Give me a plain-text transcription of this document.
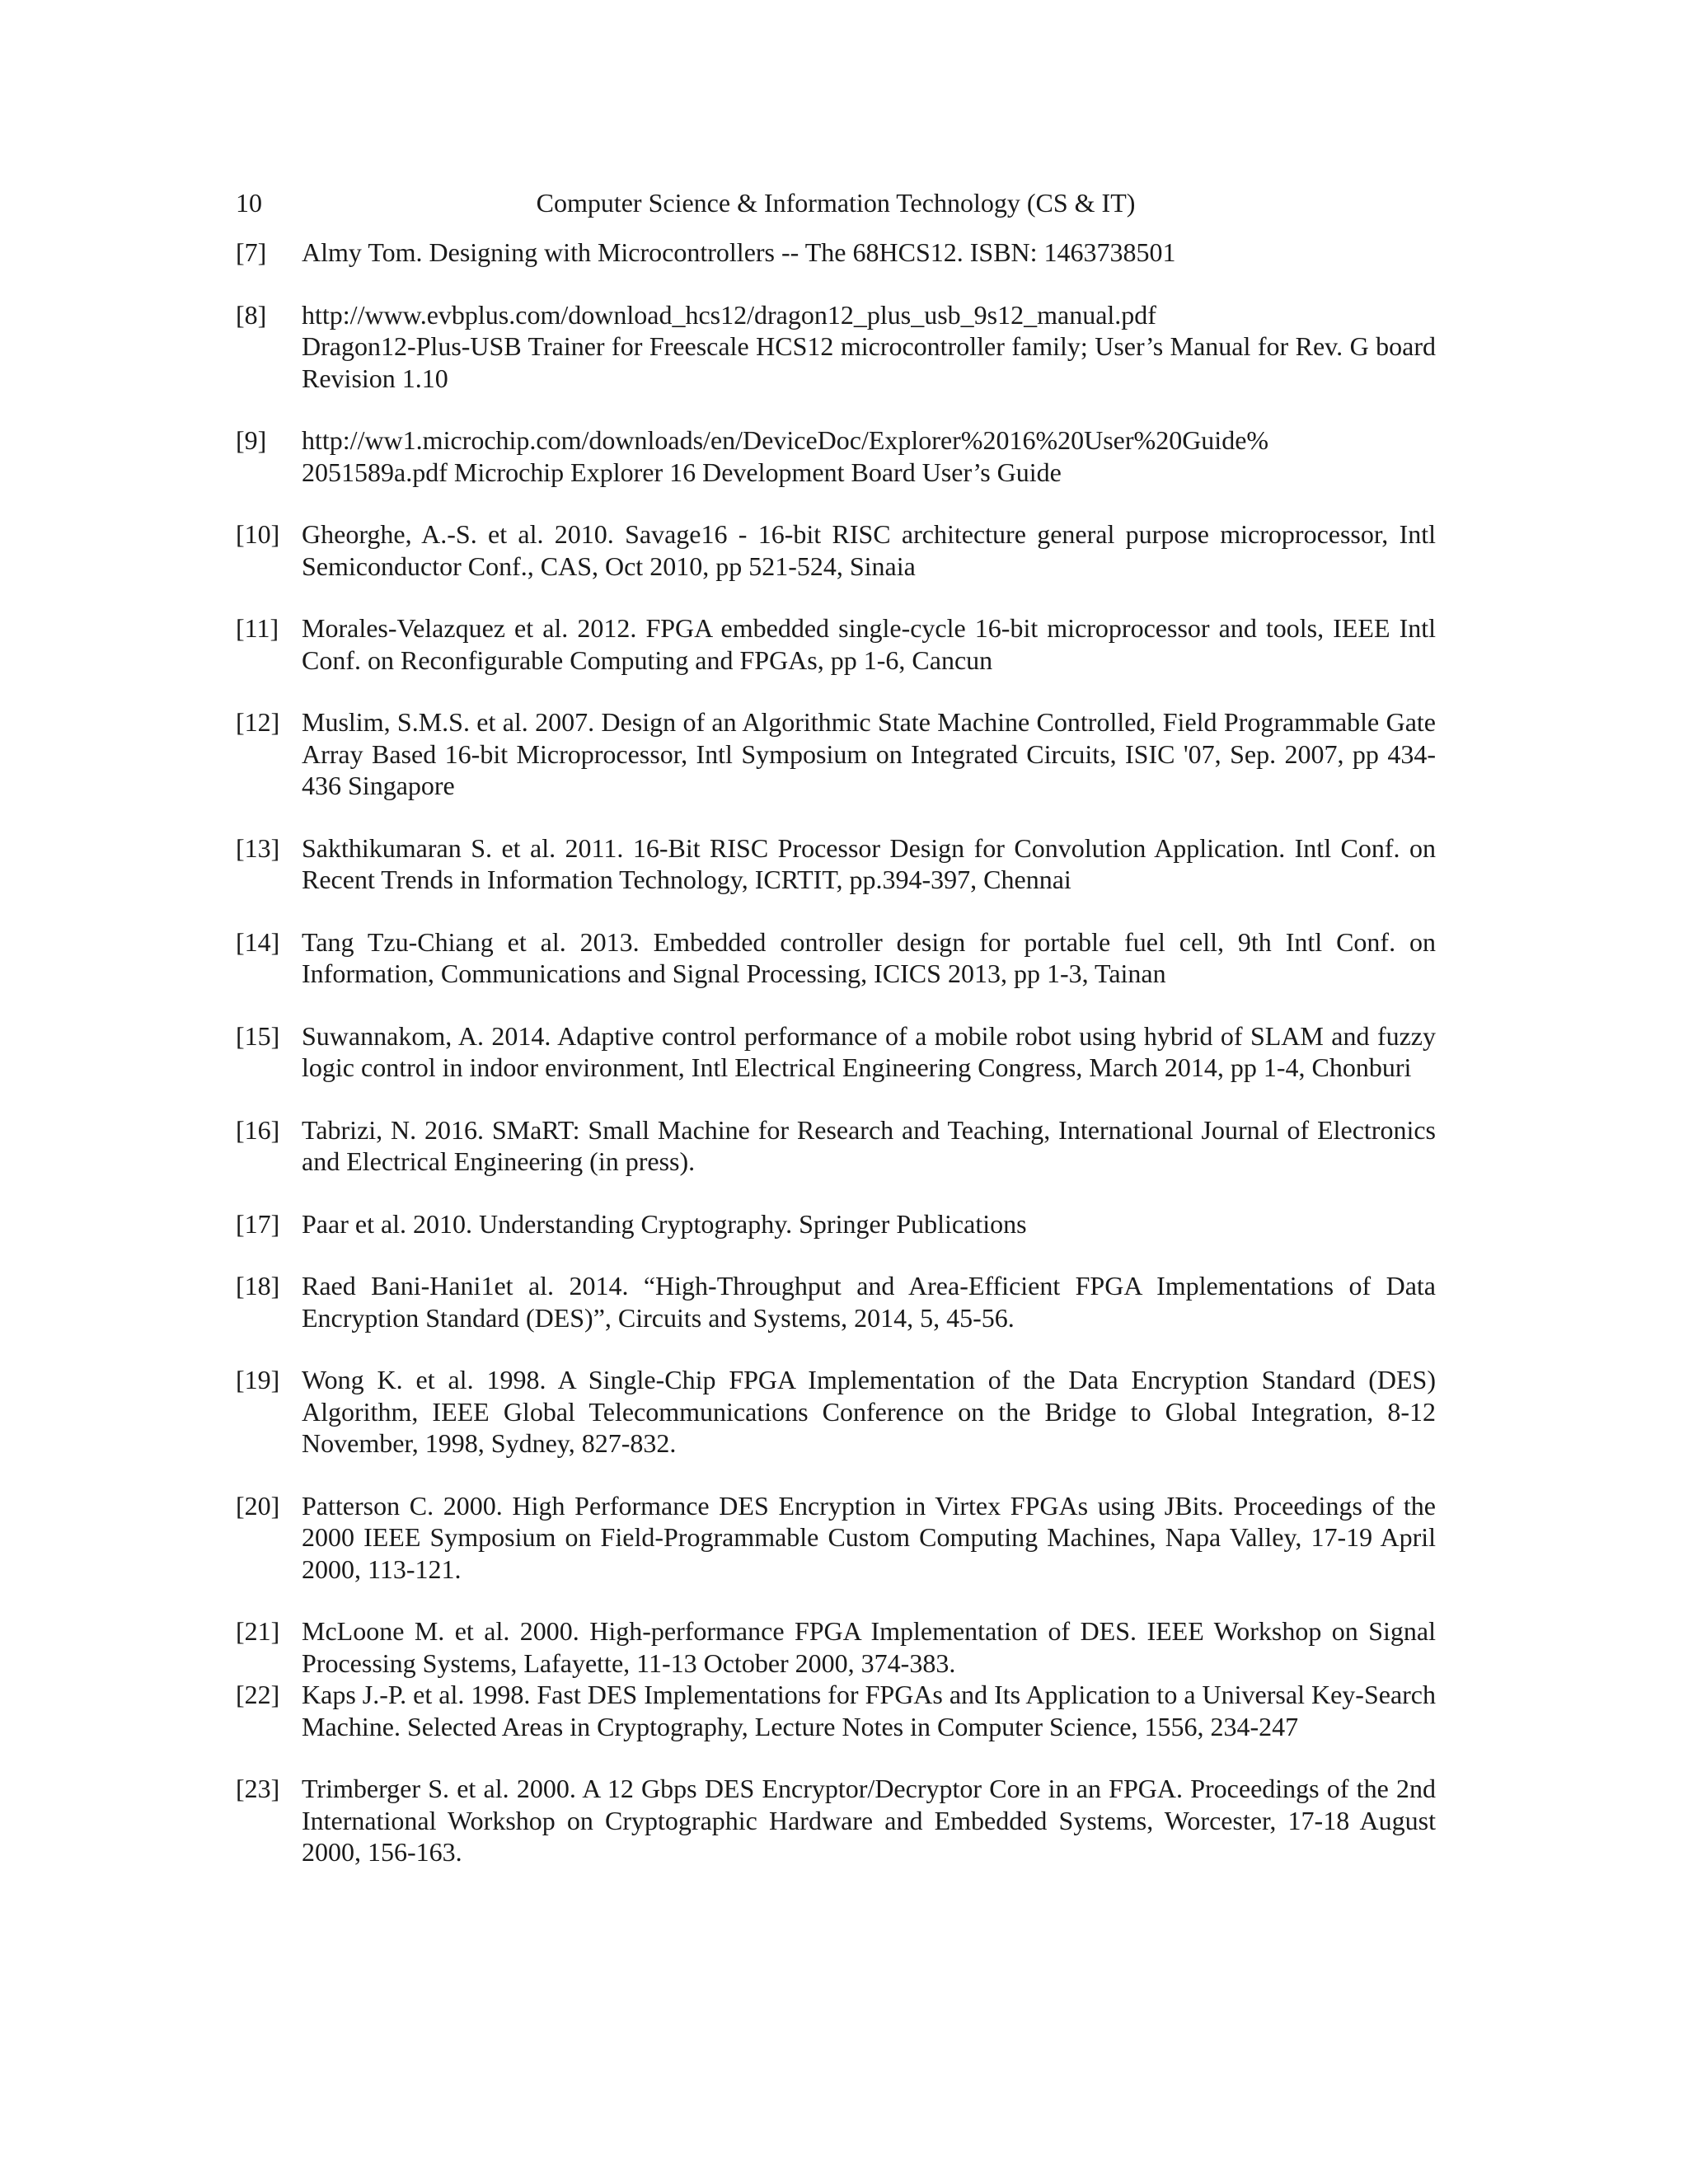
10	Computer Science & Information Technology (CS & IT)
[7] Almy Tom. Designing with Microcontrollers -- The 68HCS12. ISBN: 1463738501
[8] http://www.evbplus.com/download_hcs12/dragon12_plus_usb_9s12_manual.pdf
Dragon12-Plus-USB Trainer for Freescale HCS12 microcontroller family; User’s Manual for Rev. G board Revision 1.10
[9] http://ww1.microchip.com/downloads/en/DeviceDoc/Explorer%2016%20User%20Guide%
2051589a.pdf Microchip Explorer 16 Development Board User’s Guide
[10] Gheorghe, A.-S. et al. 2010. Savage16 - 16-bit RISC architecture general purpose microprocessor, Intl Semiconductor Conf., CAS, Oct 2010, pp 521-524, Sinaia
[11] Morales-Velazquez et al. 2012. FPGA embedded single-cycle 16-bit microprocessor and tools, IEEE Intl Conf. on Reconfigurable Computing and FPGAs, pp 1-6, Cancun
[12] Muslim, S.M.S. et al. 2007. Design of an Algorithmic State Machine Controlled, Field Programmable Gate Array Based 16-bit Microprocessor, Intl Symposium on Integrated Circuits, ISIC '07, Sep. 2007, pp 434-436 Singapore
[13] Sakthikumaran S. et al. 2011. 16-Bit RISC Processor Design for Convolution Application. Intl Conf. on Recent Trends in Information Technology, ICRTIT, pp.394-397, Chennai
[14] Tang Tzu-Chiang et al. 2013. Embedded controller design for portable fuel cell, 9th Intl Conf. on Information, Communications and Signal Processing, ICICS 2013, pp 1-3, Tainan
[15] Suwannakom, A. 2014. Adaptive control performance of a mobile robot using hybrid of SLAM and fuzzy logic control in indoor environment, Intl Electrical Engineering Congress, March 2014, pp 1-4, Chonburi
[16] Tabrizi, N. 2016. SMaRT: Small Machine for Research and Teaching, International Journal of Electronics and Electrical Engineering (in press).
[17] Paar et al. 2010. Understanding Cryptography. Springer Publications
[18] Raed Bani-Hani1et al. 2014. “High-Throughput and Area-Efficient FPGA Implementations of Data Encryption Standard (DES)”, Circuits and Systems, 2014, 5, 45-56.
[19] Wong K. et al. 1998. A Single-Chip FPGA Implementation of the Data Encryption Standard (DES) Algorithm, IEEE Global Telecommunications Conference on the Bridge to Global Integration, 8-12 November, 1998, Sydney, 827-832.
[20] Patterson C. 2000. High Performance DES Encryption in Virtex FPGAs using JBits. Proceedings of the 2000 IEEE Symposium on Field-Programmable Custom Computing Machines, Napa Valley, 17-19 April 2000, 113-121.
[21] McLoone M. et al. 2000. High-performance FPGA Implementation of DES. IEEE Workshop on Signal Processing Systems, Lafayette, 11-13 October 2000, 374-383.
[22] Kaps J.-P. et al. 1998. Fast DES Implementations for FPGAs and Its Application to a Universal Key-Search Machine. Selected Areas in Cryptography, Lecture Notes in Computer Science, 1556, 234-247
[23] Trimberger S. et al. 2000. A 12 Gbps DES Encryptor/Decryptor Core in an FPGA. Proceedings of the 2nd International Workshop on Cryptographic Hardware and Embedded Systems, Worcester, 17-18 August 2000, 156-163.
